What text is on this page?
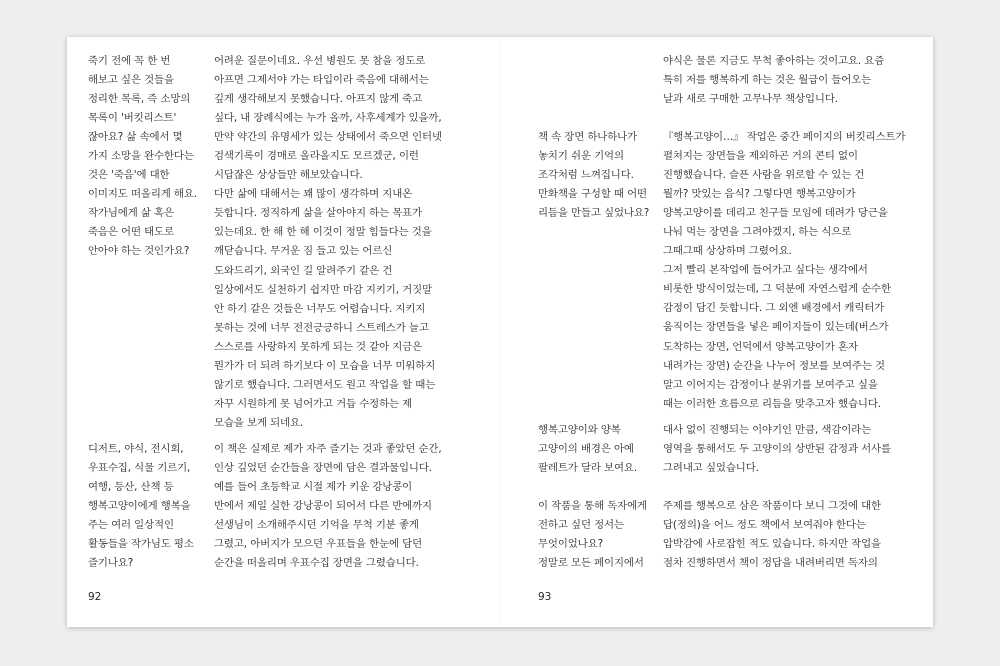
죽기 전에 꼭 한 번
해보고 싶은 것들을
정리한 목록, 즉 소망의
목록이 '버킷리스트'
잖아요? 삶 속에서 몇
가지 소망을 완수한다는
것은 '죽음'에 대한
이미지도 떠올리게 해요.
작가님에게 삶 혹은
죽음은 어떤 태도로
안아야 하는 것인가요?
어려운 질문이네요. 우선 병원도 못 참을 정도로
아프면 그제서야 가는 타입이라 죽음에 대해서는
깊게 생각해보지 못했습니다. 아프지 않게 죽고
싶다, 내 장례식에는 누가 올까, 사후세계가 있을까,
만약 약간의 유명세가 있는 상태에서 죽으면 인터넷
검색기록이 경매로 올라올지도 모르겠군, 이런
시답잖은 상상들만 해보았습니다.
다만 삶에 대해서는 꽤 많이 생각하며 지내온
듯합니다. 정직하게 삶을 살아야지 하는 목표가
있는데요. 한 해 한 해 이것이 정말 힘들다는 것을
깨닫습니다. 무거운 짐 들고 있는 어르신
도와드리기, 외국인 길 알려주기 같은 건
일상에서도 실천하기 쉽지만 마감 지키기, 거짓말
안 하기 같은 것들은 너무도 어렵습니다. 지키지
못하는 것에 너무 전전긍긍하니 스트레스가 늘고
스스로를 사랑하지 못하게 되는 것 같아 지금은
뭔가가 더 되려 하기보다 이 모습을 너무 미워하지
않기로 했습니다. 그러면서도 원고 작업을 할 때는
자꾸 시원하게 못 넘어가고 거듭 수정하는 제
모습을 보게 되네요.
디저트, 야식, 전시회,
우표수집, 식물 기르기,
여행, 등산, 산책 등
행복고양이에게 행복을
주는 여러 일상적인
활동들을 작가님도 평소
즐기나요?
이 책은 실제로 제가 자주 즐기는 것과 좋았던 순간,
인상 깊었던 순간들을 장면에 담은 결과물입니다.
예를 들어 초등학교 시절 제가 키운 강낭콩이
반에서 제일 실한 강낭콩이 되어서 다른 반에까지
선생님이 소개해주시던 기억을 무척 기분 좋게
그렸고, 아버지가 모으던 우표들을 한눈에 담던
순간을 떠올리며 우표수집 장면을 그렸습니다.
92
야식은 물론 지금도 무척 좋아하는 것이고요. 요즘
특히 저를 행복하게 하는 것은 월급이 들어오는
날과 새로 구매한 고무나무 책상입니다.
책 속 장면 하나하나가
놓치기 쉬운 기억의
조각처럼 느껴집니다.
만화책을 구성할 때 어떤
리듬을 만들고 싶었나요?
『행복고양이…』 작업은 중간 페이지의 버킷리스트가
펼쳐지는 장면들을 제외하곤 거의 콘티 없이
진행했습니다. 슬픈 사람을 위로할 수 있는 건
뭘까? 맛있는 음식? 그렇다면 행복고양이가
양복고양이를 데리고 친구들 모임에 데려가 당근을
나눠 먹는 장면을 그려야겠지, 하는 식으로
그때그때 상상하며 그렸어요.
그저 빨리 본작업에 들어가고 싶다는 생각에서
비롯한 방식이었는데, 그 덕분에 자연스럽게 순수한
감정이 담긴 듯합니다. 그 외엔 배경에서 캐릭터가
움직이는 장면들을 넣은 페이지들이 있는데(버스가
도착하는 장면, 언덕에서 양복고양이가 혼자
내려가는 장면) 순간을 나누어 정보를 보여주는 것
말고 이어지는 감정이나 분위기를 보여주고 싶을
때는 이러한 흐름으로 리듬을 맞추고자 했습니다.
행복고양이와 양복
고양이의 배경은 아예
팔레트가 달라 보여요.
대사 없이 진행되는 이야기인 만큼, 색감이라는
영역을 통해서도 두 고양이의 상반된 감정과 서사를
그려내고 싶었습니다.
이 작품을 통해 독자에게
전하고 싶던 정서는
무엇이었나요?
정말로 모든 페이지에서
주제를 행복으로 삼은 작품이다 보니 그것에 대한
답(정의)을 어느 정도 책에서 보여줘야 한다는
압박감에 사로잡힌 적도 있습니다. 하지만 작업을
점차 진행하면서 책이 정답을 내려버리면 독자의
93
